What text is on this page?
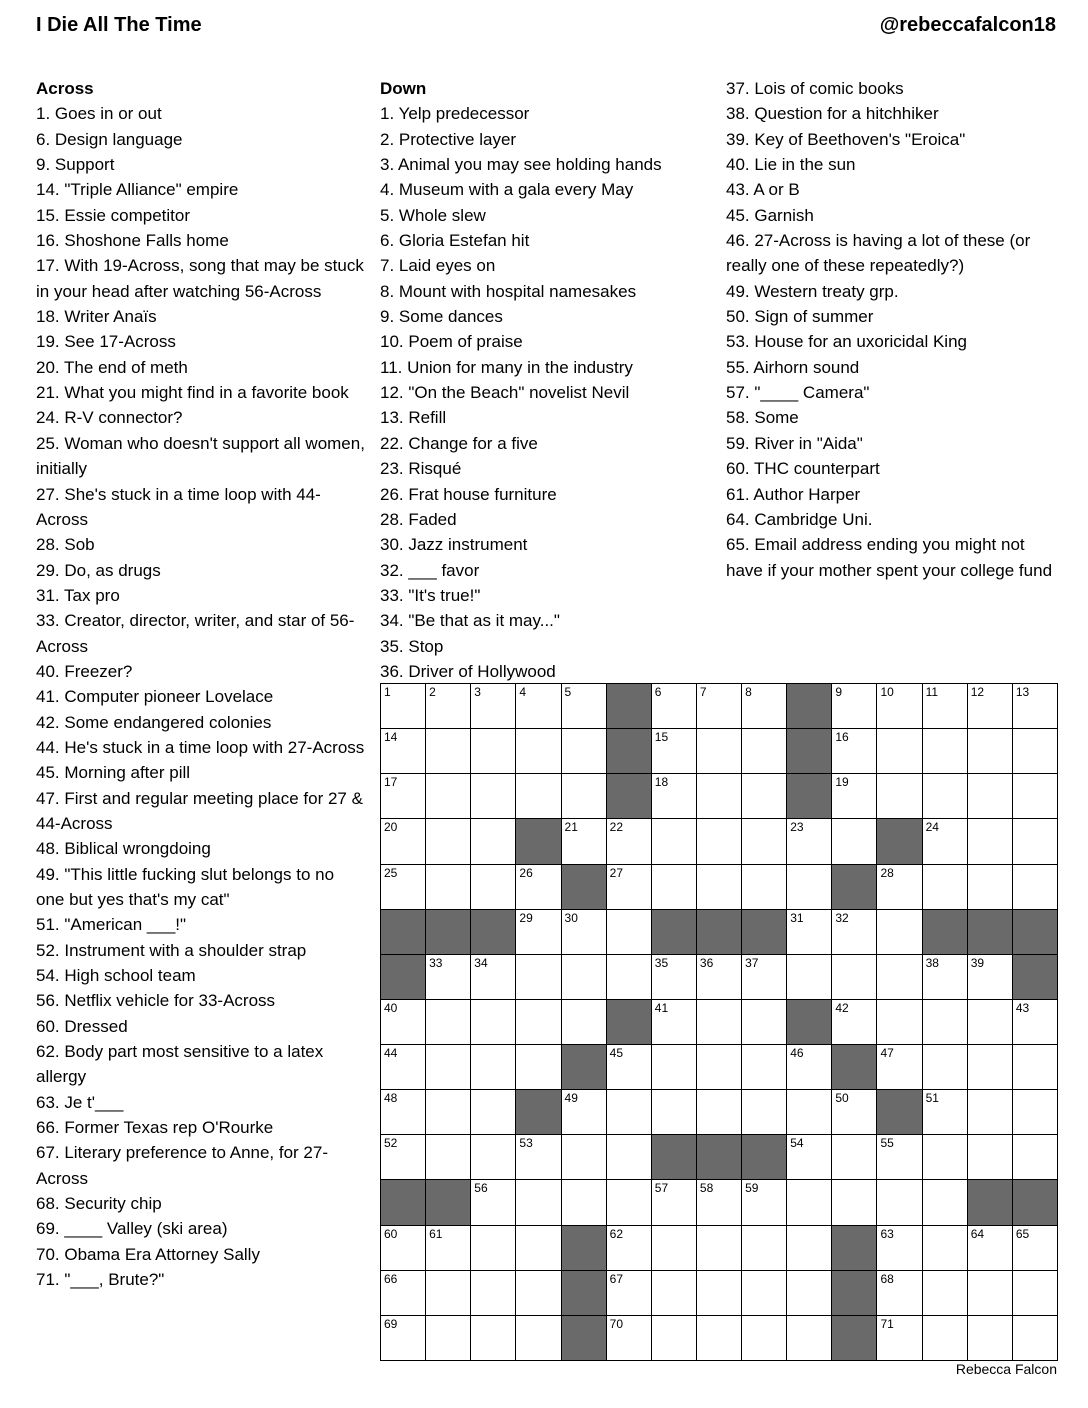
I Die All The Time	@rebeccafalcon18
Across

1. Goes in or out

6. Design language

9. Support

14. "Triple Alliance" empire

15. Essie competitor

16. Shoshone Falls home

17. With 19-Across, song that may be stuck in your head after watching 56-Across

18. Writer Anaïs

19. See 17-Across

20. The end of meth

21. What you might find in a favorite book

24. R-V connector?

25. Woman who doesn't support all women, initially

27. She's stuck in a time loop with 44-Across

28. Sob

29. Do, as drugs

31. Tax pro

33. Creator, director, writer, and star of 56-Across

40. Freezer?

41. Computer pioneer Lovelace

42. Some endangered colonies

44. He's stuck in a time loop with 27-Across

45. Morning after pill

47. First and regular meeting place for 27 & 44-Across

48. Biblical wrongdoing

49. "This little fucking slut belongs to no one but yes that's my cat"

51. "American ___!"

52. Instrument with a shoulder strap

54. High school team

56. Netflix vehicle for 33-Across

60. Dressed

62. Body part most sensitive to a latex allergy

63. Je t'___

66. Former Texas rep O'Rourke

67. Literary preference to Anne, for 27-Across

68. Security chip

69. ____ Valley (ski area)

70. Obama Era Attorney Sally

71. "___, Brute?"

Down

1. Yelp predecessor

2. Protective layer

3. Animal you may see holding hands

4. Museum with a gala every May

5. Whole slew

6. Gloria Estefan hit

7. Laid eyes on

8. Mount with hospital namesakes

9. Some dances

10. Poem of praise

11. Union for many in the industry

12. "On the Beach" novelist Nevil

13. Refill

22. Change for a five

23. Risqué

26. Frat house furniture

28. Faded

30. Jazz instrument

32. ___ favor

33. "It's true!"

34. "Be that as it may..."

35. Stop

36. Driver of Hollywood

37. Lois of comic books

38. Question for a hitchhiker

39. Key of Beethoven's "Eroica"

40. Lie in the sun

43. A or B

45. Garnish

46. 27-Across is having a lot of these (or really one of these repeatedly?)

49. Western treaty grp.

50. Sign of summer

53. House for an uxoricidal King

55. Airhorn sound

57. "____ Camera"

58. Some

59. River in "Aida"

60. THC counterpart

61. Author Harper

64. Cambridge Uni.

65. Email address ending you might not have if your mother spent your college fund

1	2	3	4	5	6	7	8	9	10	11	12	13
14	15	16
17	18	19
20	21	22	23	24
25	26	27	28
29	30	31	32
33	34	35	36	37	38	39
40	41	42	43
44	45	46	47
48	49	50	51
52	53	54	55
56	57	58	59
60	61	62	63	64	65
66	67	68
69	70	71
Rebecca Falcon
